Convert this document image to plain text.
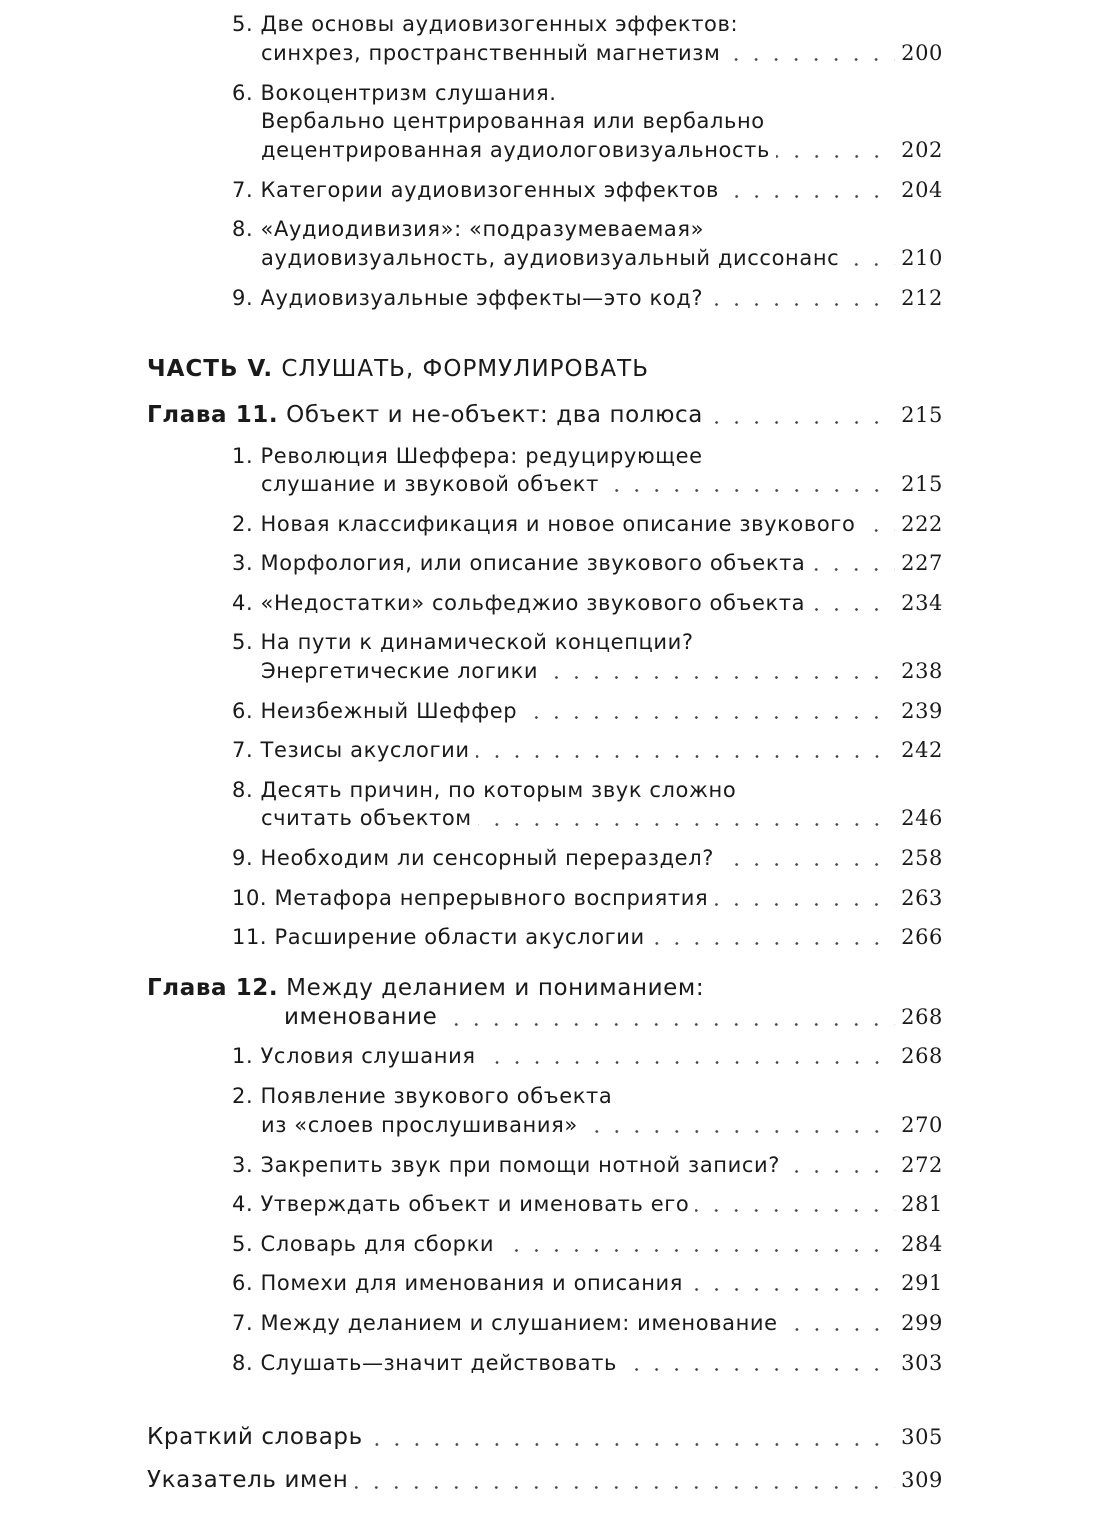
5. Две основы аудиовизогенных эффектов:
синхрез, пространственный магнетизм	200
6. Вокоцентризм слушания.
Вербально центрированная или вербально
децентрированная аудиологовизуальность	202
7. Категории аудиовизогенных эффектов	204
8. «Аудиодивизия»: «подразумеваемая»
аудиовизуальность, аудиовизуальный диссонанс	210
9. Аудиовизуальные эффекты—это код?	212
ЧАСТЬ V. СЛУШАТЬ, ФОРМУЛИРОВАТЬ
Глава 11. Объект и не-объект: два полюса	215
1. Революция Шеффера: редуцирующее
слушание и звуковой объект	215
2. Новая классификация и новое описание звукового 222
3. Морфология, или описание звукового объекта	227
4. «Недостатки» сольфеджио звукового объекта	234
5. На пути к динамической концепции?
Энергетические логики	238
6. Неизбежный Шеффер	239
7. Тезисы акуслогии	242
8. Десять причин, по которым звук сложно
считать объектом	246
9. Необходим ли сенсорный перераздел?	258
10. Метафора непрерывного восприятия	263
11. Расширение области акуслогии	266
Глава 12. Между деланием и пониманием:
именование	268
1. Условия слушания	268
2. Появление звукового объекта
из «слоев прослушивания»	270
3. Закрепить звук при помощи нотной записи?	272
4. Утверждать объект и именовать его	281
5. Словарь для сборки	284
6. Помехи для именования и описания	291
7. Между деланием и слушанием: именование	299
8. Слушать—значит действовать	303
Краткий словарь	305
Указатель имен	309
